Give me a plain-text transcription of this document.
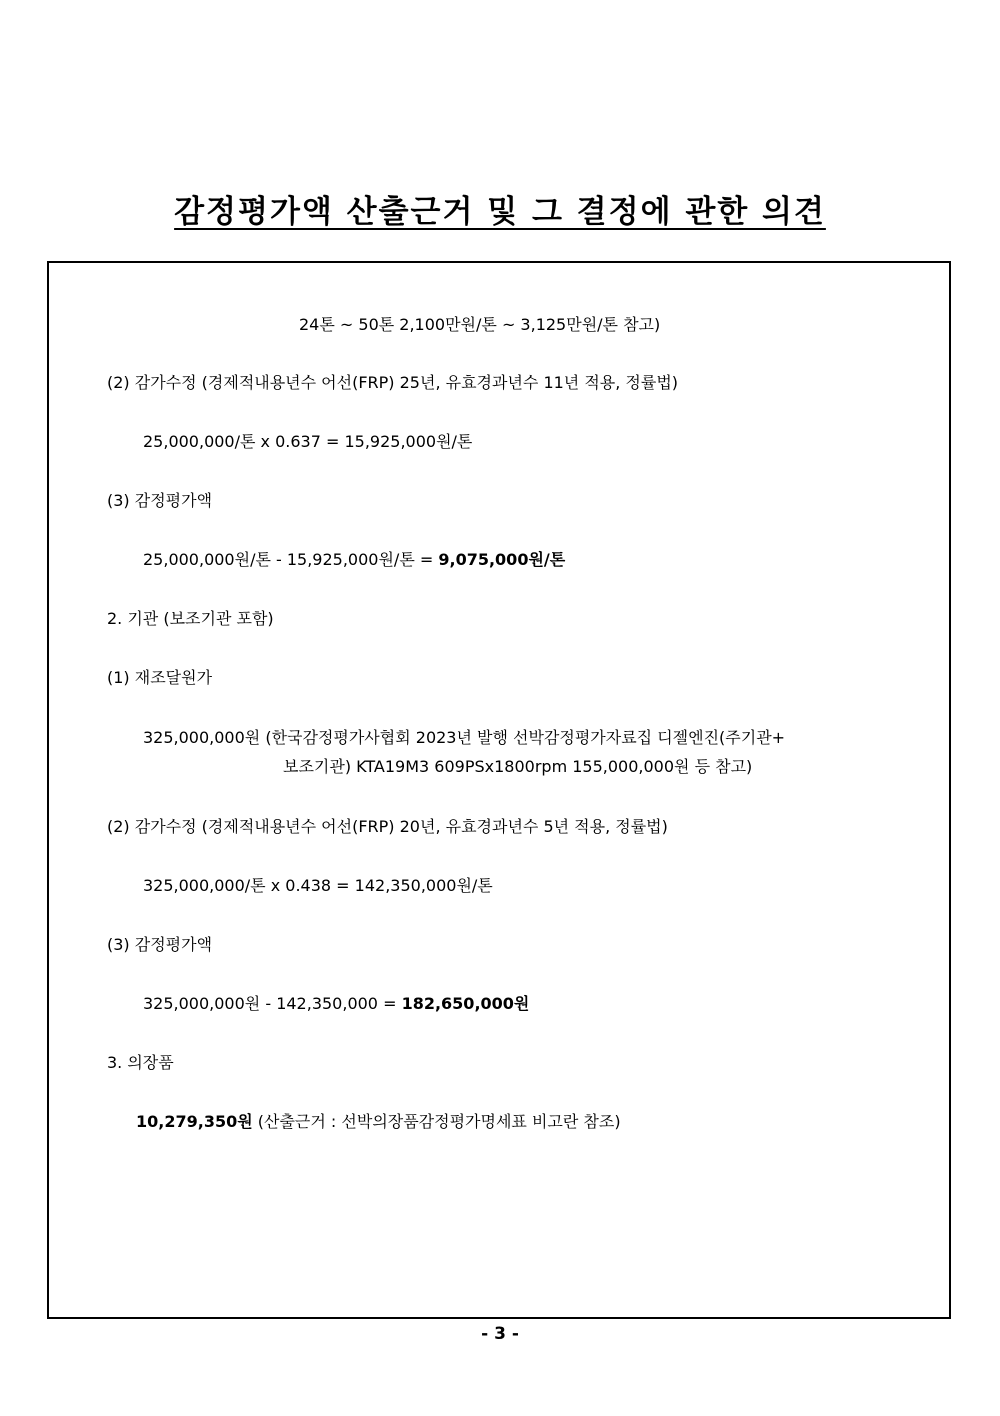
감정평가액 산출근거 및 그 결정에 관한 의견

24톤 ~ 50톤 2,100만원/톤 ~ 3,125만원/톤 참고)

(2) 감가수정 (경제적내용년수 어선(FRP) 25년, 유효경과년수 11년 적용, 정률법)

25,000,000/톤 x 0.637 = 15,925,000원/톤

(3) 감정평가액

25,000,000원/톤 - 15,925,000원/톤 = 9,075,000원/톤

2. 기관 (보조기관 포함)

(1) 재조달원가

325,000,000원 (한국감정평가사협회 2023년 발행 선박감정평가자료집 디젤엔진(주기관+

보조기관) KTA19M3 609PSx1800rpm 155,000,000원 등 참고)

(2) 감가수정 (경제적내용년수 어선(FRP) 20년, 유효경과년수 5년 적용, 정률법)

325,000,000/톤 x 0.438 = 142,350,000원/톤

(3) 감정평가액

325,000,000원 - 142,350,000 = 182,650,000원

3. 의장품

10,279,350원 (산출근거 : 선박의장품감정평가명세표 비고란 참조)

- 3 -
